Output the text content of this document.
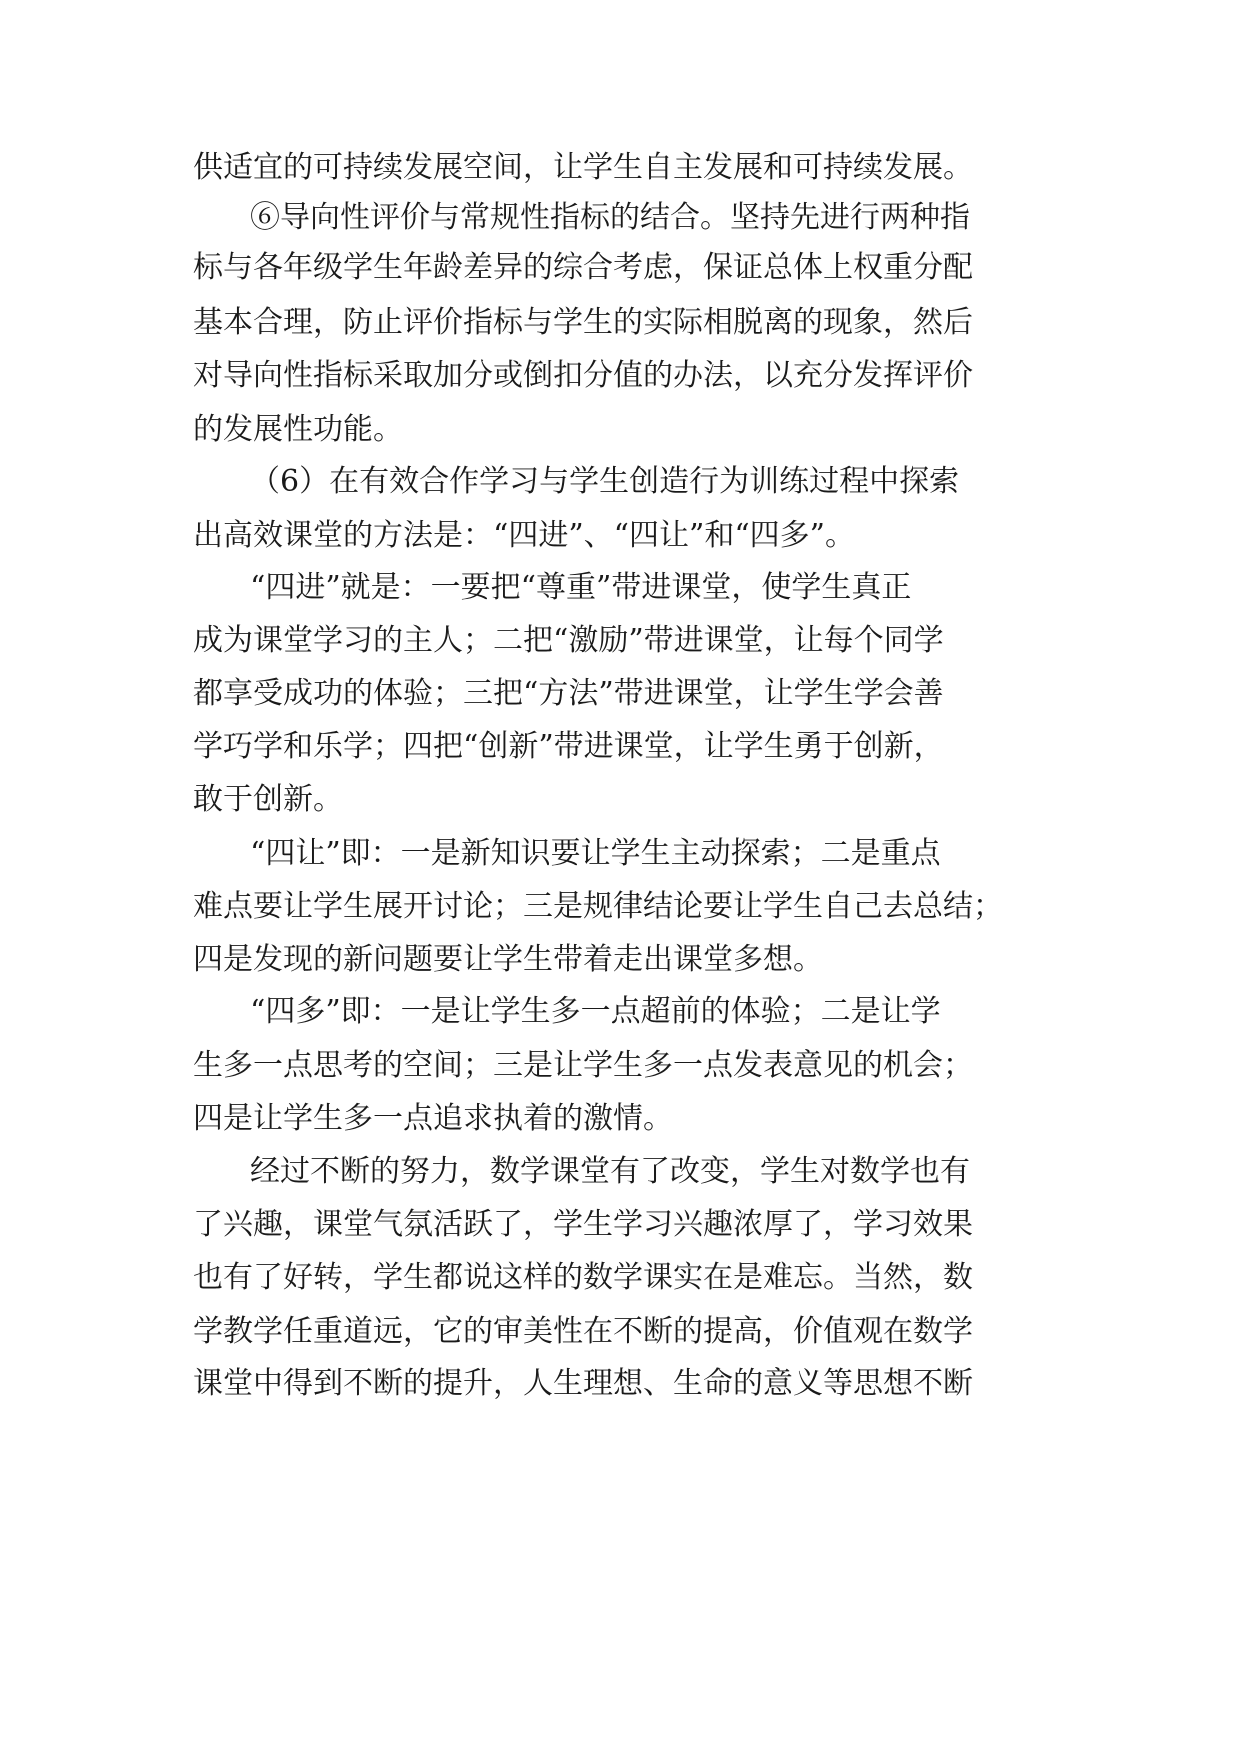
供适宜的可持续发展空间，让学生自主发展和可持续发展。
⑥导向性评价与常规性指标的结合。坚持先进行两种指
标与各年级学生年龄差异的综合考虑，保证总体上权重分配
基本合理，防止评价指标与学生的实际相脱离的现象，然后
对导向性指标采取加分或倒扣分值的办法，以充分发挥评价
的发展性功能。
（6）在有效合作学习与学生创造行为训练过程中探索
出高效课堂的方法是：“四进”、“四让”和“四多”。
“四进”就是：一要把“尊重”带进课堂，使学生真正
成为课堂学习的主人；二把“激励”带进课堂，让每个同学
都享受成功的体验；三把“方法”带进课堂，让学生学会善
学巧学和乐学；四把“创新”带进课堂，让学生勇于创新，
敢于创新。
“四让”即：一是新知识要让学生主动探索；二是重点
难点要让学生展开讨论；三是规律结论要让学生自己去总结；
四是发现的新问题要让学生带着走出课堂多想。
“四多”即：一是让学生多一点超前的体验；二是让学
生多一点思考的空间；三是让学生多一点发表意见的机会；
四是让学生多一点追求执着的激情。
经过不断的努力，数学课堂有了改变，学生对数学也有
了兴趣，课堂气氛活跃了，学生学习兴趣浓厚了，学习效果
也有了好转，学生都说这样的数学课实在是难忘。当然，数
学教学任重道远，它的审美性在不断的提高，价值观在数学
课堂中得到不断的提升，人生理想、生命的意义等思想不断
